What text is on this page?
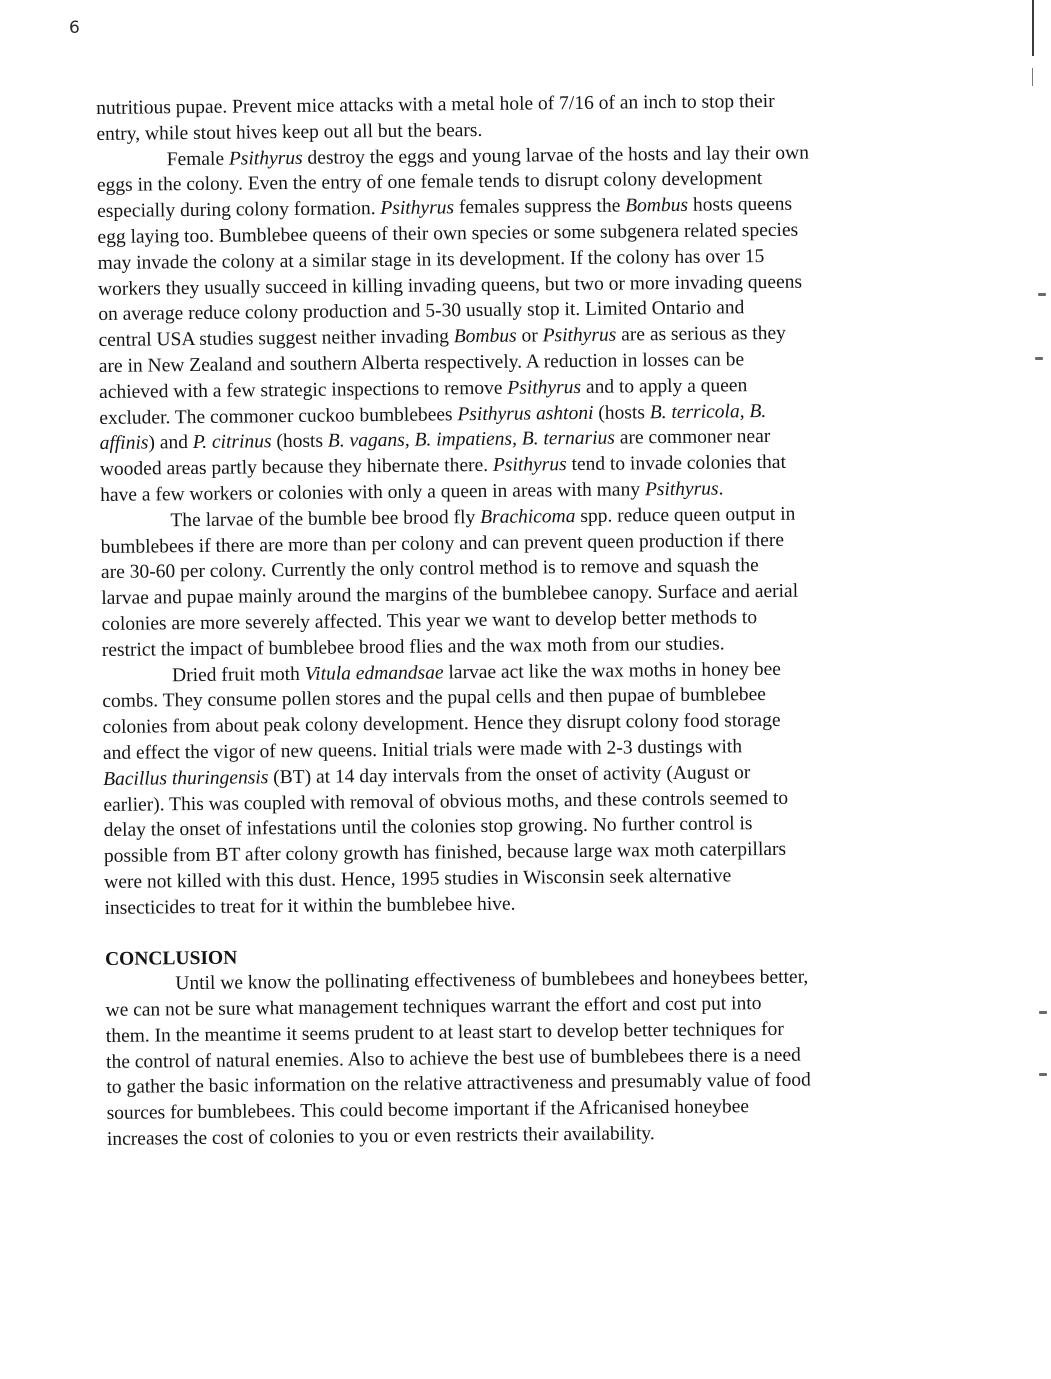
6
nutritious pupae. Prevent mice attacks with a metal hole of 7/16 of an inch to stop their
entry, while stout hives keep out all but the bears.
Female Psithyrus destroy the eggs and young larvae of the hosts and lay their own
eggs in the colony. Even the entry of one female tends to disrupt colony development
especially during colony formation. Psithyrus females suppress the Bombus hosts queens
egg laying too. Bumblebee queens of their own species or some subgenera related species
may invade the colony at a similar stage in its development. If the colony has over 15
workers they usually succeed in killing invading queens, but two or more invading queens
on average reduce colony production and 5-30 usually stop it. Limited Ontario and
central USA studies suggest neither invading Bombus or Psithyrus are as serious as they
are in New Zealand and southern Alberta respectively. A reduction in losses can be
achieved with a few strategic inspections to remove Psithyrus and to apply a queen
excluder. The commoner cuckoo bumblebees Psithyrus ashtoni (hosts B. terricola, B.
affinis) and P. citrinus (hosts B. vagans, B. impatiens, B. ternarius are commoner near
wooded areas partly because they hibernate there. Psithyrus tend to invade colonies that
have a few workers or colonies with only a queen in areas with many Psithyrus.
The larvae of the bumble bee brood fly Brachicoma spp. reduce queen output in
bumblebees if there are more than per colony and can prevent queen production if there
are 30-60 per colony. Currently the only control method is to remove and squash the
larvae and pupae mainly around the margins of the bumblebee canopy. Surface and aerial
colonies are more severely affected. This year we want to develop better methods to
restrict the impact of bumblebee brood flies and the wax moth from our studies.
Dried fruit moth Vitula edmandsae larvae act like the wax moths in honey bee
combs. They consume pollen stores and the pupal cells and then pupae of bumblebee
colonies from about peak colony development. Hence they disrupt colony food storage
and effect the vigor of new queens. Initial trials were made with 2-3 dustings with
Bacillus thuringensis (BT) at 14 day intervals from the onset of activity (August or
earlier). This was coupled with removal of obvious moths, and these controls seemed to
delay the onset of infestations until the colonies stop growing. No further control is
possible from BT after colony growth has finished, because large wax moth caterpillars
were not killed with this dust. Hence, 1995 studies in Wisconsin seek alternative
insecticides to treat for it within the bumblebee hive.
CONCLUSION
Until we know the pollinating effectiveness of bumblebees and honeybees better,
we can not be sure what management techniques warrant the effort and cost put into
them. In the meantime it seems prudent to at least start to develop better techniques for
the control of natural enemies. Also to achieve the best use of bumblebees there is a need
to gather the basic information on the relative attractiveness and presumably value of food
sources for bumblebees. This could become important if the Africanised honeybee
increases the cost of colonies to you or even restricts their availability.
